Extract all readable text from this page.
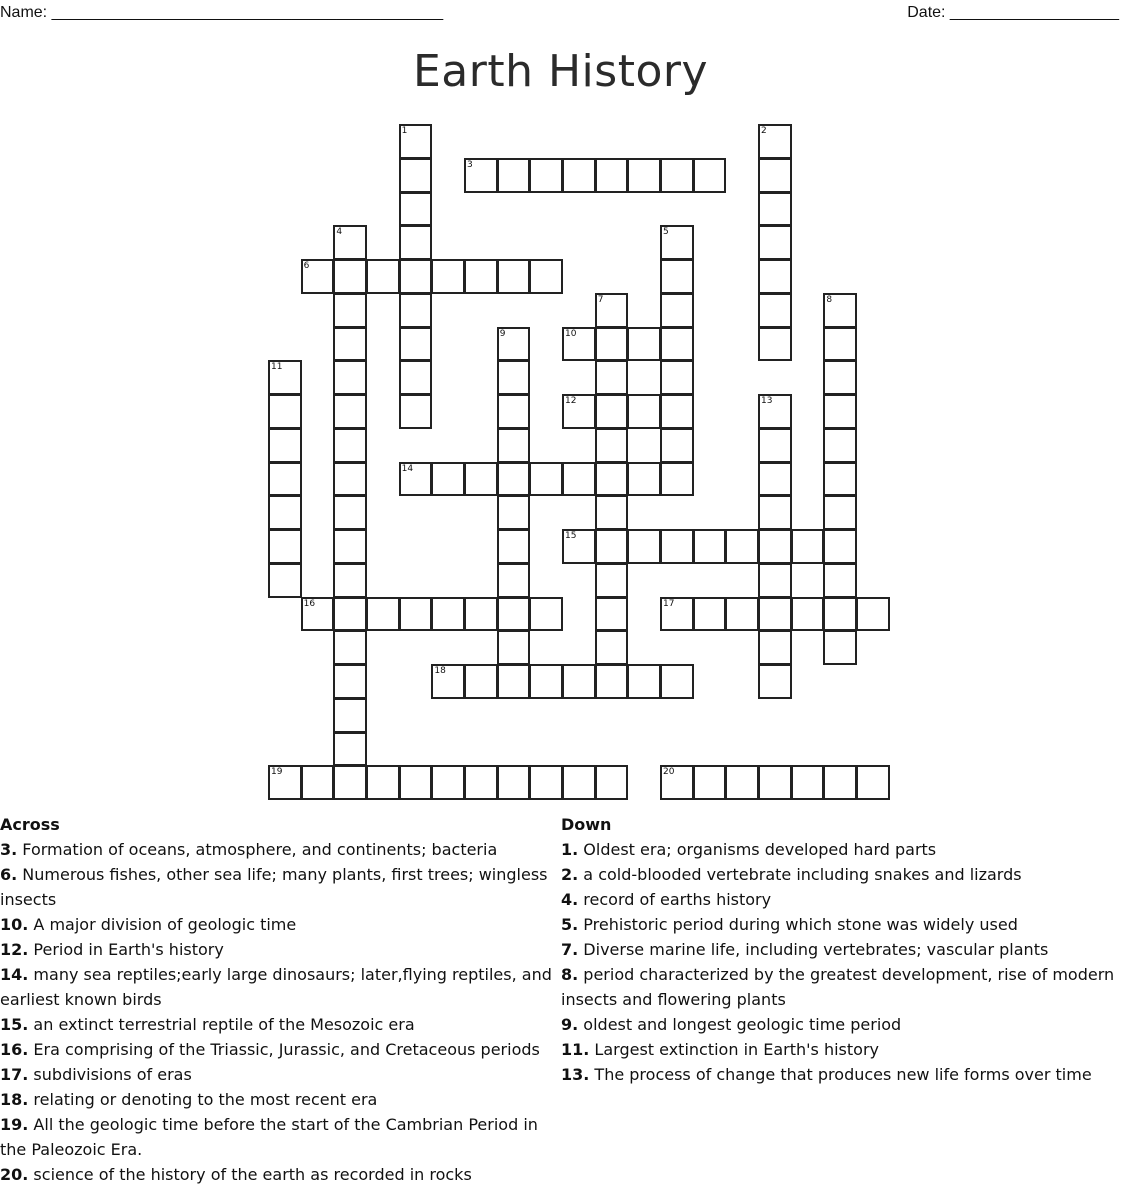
Name: ____________________________________________	Date: ___________________
Earth History
1	2
3
4	5
6
7	8
9	10
11
12	13
14
15
16	17
18
19	20
Across
3. Formation of oceans, atmosphere, and continents; bacteria
6. Numerous fishes, other sea life; many plants, first trees; wingless insects
10. A major division of geologic time
12. Period in Earth's history
14. many sea reptiles;early large dinosaurs; later,flying reptiles, and earliest known birds
15. an extinct terrestrial reptile of the Mesozoic era
16. Era comprising of the Triassic, Jurassic, and Cretaceous periods
17. subdivisions of eras
18. relating or denoting to the most recent era
19. All the geologic time before the start of the Cambrian Period in the Paleozoic Era.
20. science of the history of the earth as recorded in rocks
Down
1. Oldest era; organisms developed hard parts
2. a cold-blooded vertebrate including snakes and lizards
4. record of earths history
5. Prehistoric period during which stone was widely used
7. Diverse marine life, including vertebrates; vascular plants
8. period characterized by the greatest development, rise of modern insects and flowering plants
9. oldest and longest geologic time period
11. Largest extinction in Earth's history
13. The process of change that produces new life forms over time
